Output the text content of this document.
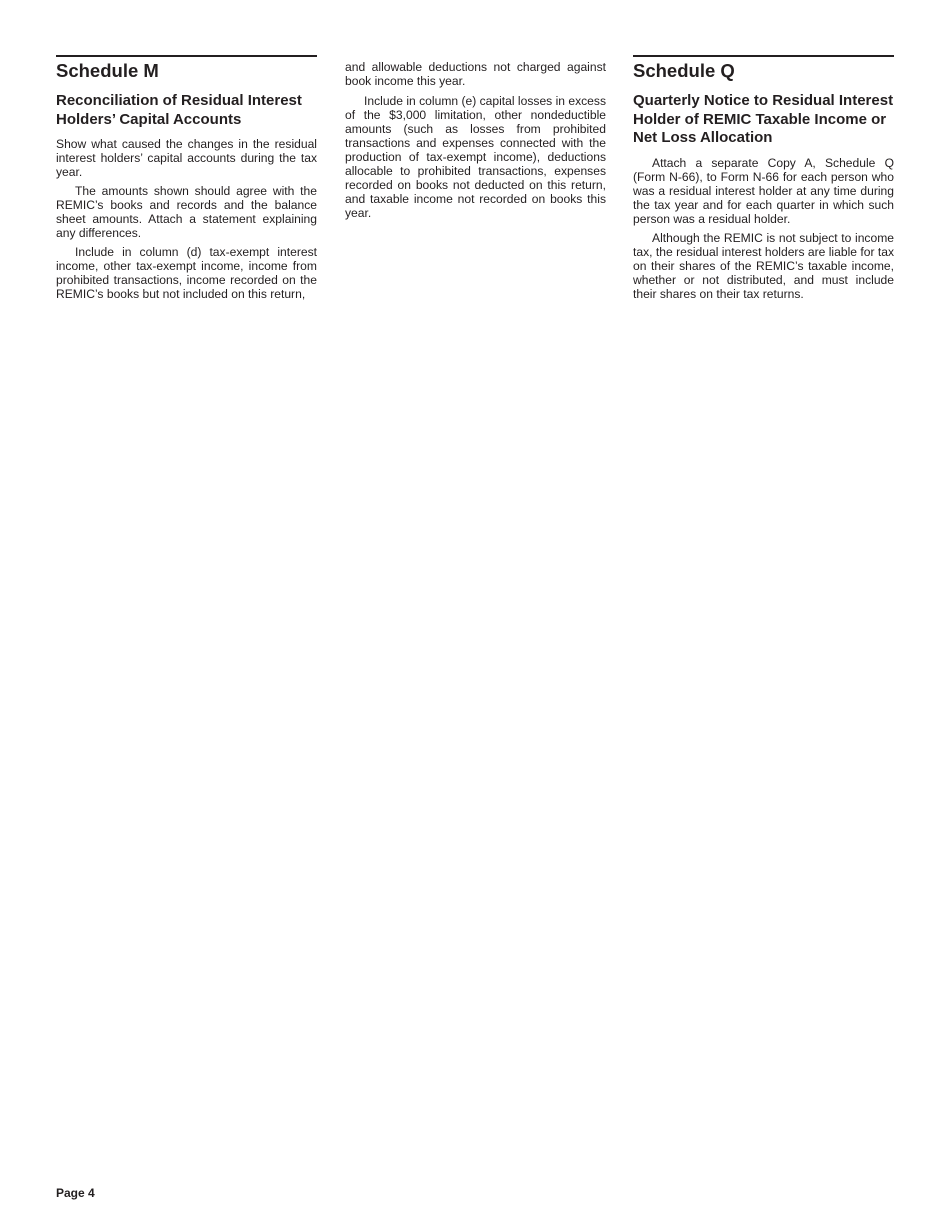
Schedule M
Reconciliation of Residual Interest Holders’ Capital Accounts

Show what caused the changes in the residual interest holders’ capital accounts during the tax year.

The amounts shown should agree with the REMIC’s books and records and the balance sheet amounts. Attach a statement explaining any differences.

Include in column (d) tax-exempt interest income, other tax-exempt income, income from prohibited transactions, income recorded on the REMIC’s books but not included on this return,

and allowable deductions not charged against book income this year.

Include in column (e) capital losses in excess of the $3,000 limitation, other nondeductible amounts (such as losses from prohibited transactions and expenses connected with the production of tax-exempt income), deductions allocable to prohibited transactions, expenses recorded on books not deducted on this return, and taxable income not recorded on books this year.

Schedule Q
Quarterly Notice to Residual Interest Holder of REMIC Taxable Income or Net Loss Allocation

Attach a separate Copy A, Schedule Q (Form N-66), to Form N-66 for each person who was a residual interest holder at any time during the tax year and for each quarter in which such person was a residual holder.

Although the REMIC is not subject to income tax, the residual interest holders are liable for tax on their shares of the REMIC’s taxable income, whether or not distributed, and must include their shares on their tax returns.

Page 4
